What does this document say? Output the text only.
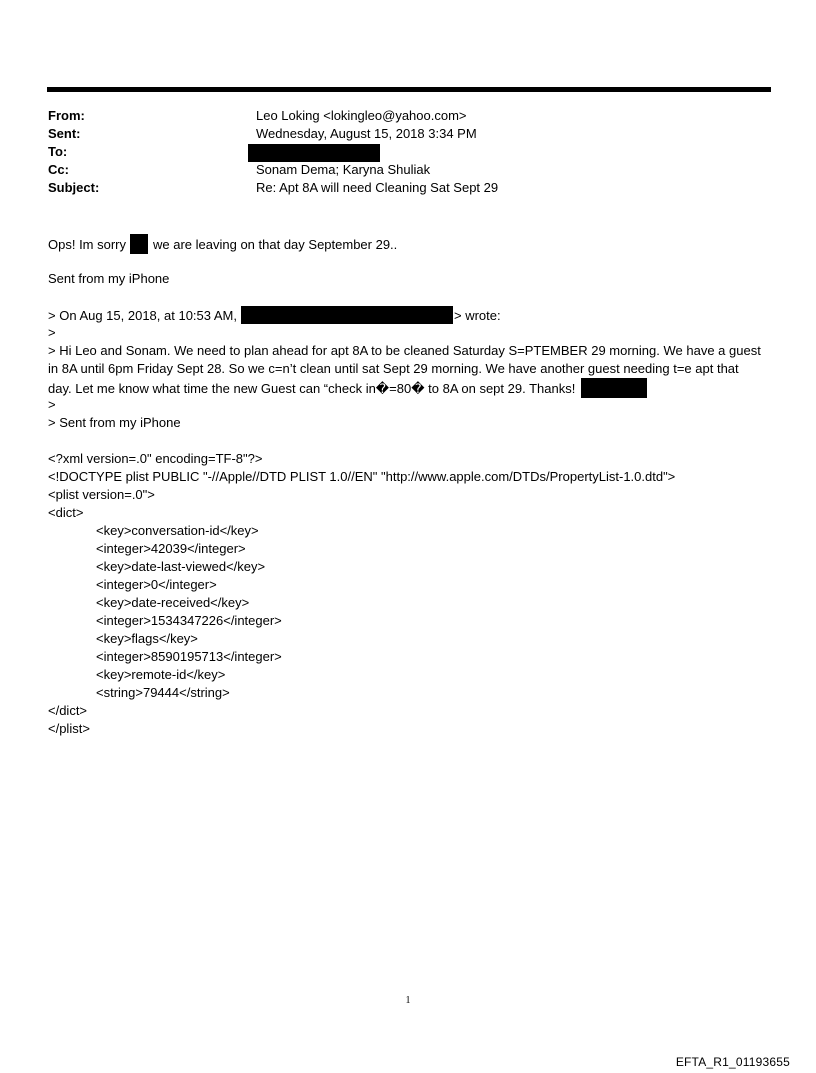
From:	Leo Loking <lokingleo@yahoo.com>
Sent:	Wednesday, August 15, 2018 3:34 PM
To:
Cc:	Sonam Dema; Karyna Shuliak
Subject:	Re: Apt 8A will need Cleaning Sat Sept 29
Ops! Im sorry we are leaving on that day September 29..
Sent from my iPhone
> On Aug 15, 2018, at 10:53 AM,	> wrote:
>
> Hi Leo and Sonam. We need to plan ahead for apt 8A to be cleaned Saturday S=PTEMBER 29 morning. We have a guest
in 8A until 6pm Friday Sept 28. So we c=n’t clean until sat Sept 29 morning. We have another guest needing t=e apt that
day. Let me know what time the new Guest can “check in�=80� to 8A on sept 29. Thanks!
>
> Sent from my iPhone
<?xml version=.0" encoding=TF-8"?>
<!DOCTYPE plist PUBLIC "-//Apple//DTD PLIST 1.0//EN" "http://www.apple.com/DTDs/PropertyList-1.0.dtd">
<plist version=.0">
<dict>
<key>conversation-id</key>
<integer>42039</integer>
<key>date-last-viewed</key>
<integer>0</integer>
<key>date-received</key>
<integer>1534347226</integer>
<key>flags</key>
<integer>8590195713</integer>
<key>remote-id</key>
<string>79444</string>
</dict>
</plist>
1
EFTA_R1_01193655
